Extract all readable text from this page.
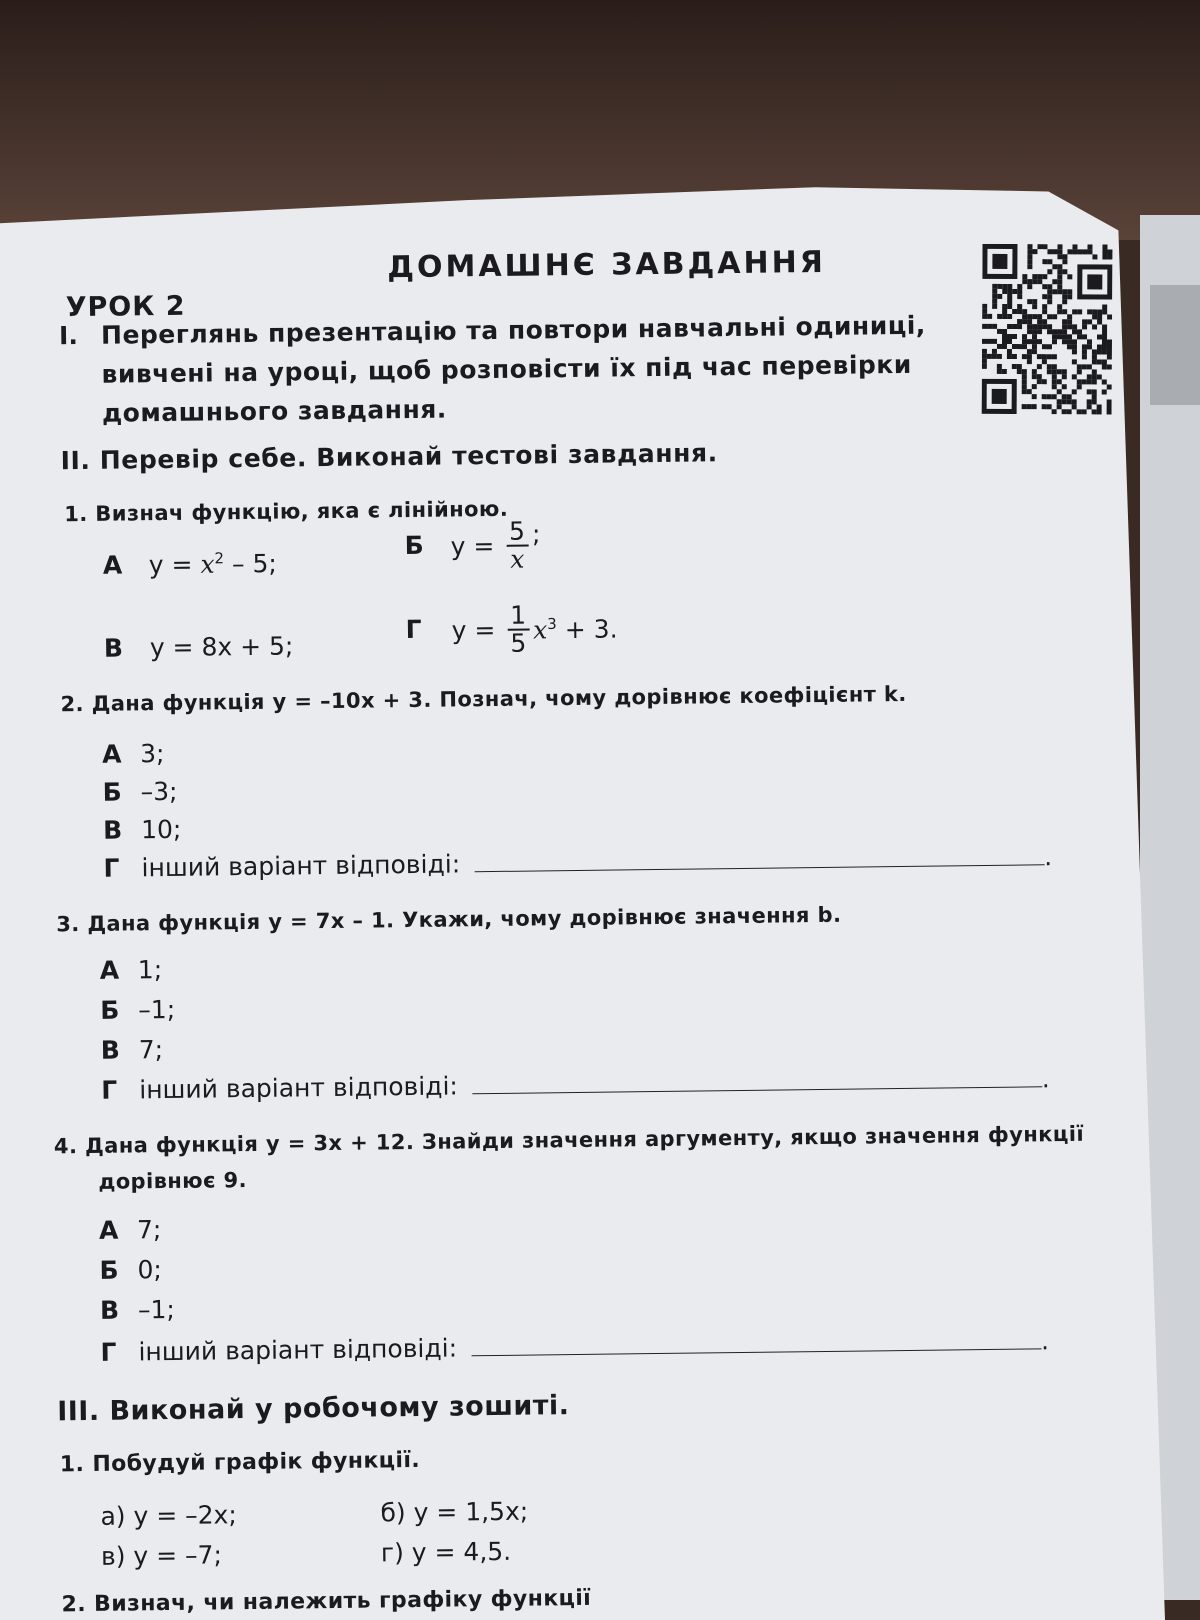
УРОК 2
ДОМАШНЄ ЗАВДАННЯ
I. Переглянь презентацію та повтори навчальні одиниці, вивчені на уроці, щоб розповісти їх під час перевірки домашнього завдання.
II. Перевір себе. Виконай тестові завдання.
1. Визнач функцію, яка є лінійною.
А $y = x^2 - 5$;
Б $y = \frac{5}{x}$ ;
В y = 8x + 5;
Г $y = \frac{1}{5} x^3 + 3$.
2. Дана функція y = –10x + 3. Познач, чому дорівнює коефіцієнт k.
А 3;
Б –3;
В 10;
Г інший варіант відповіді:	.
3. Дана функція y = 7x – 1. Укажи, чому дорівнює значення b.
А 1;
Б –1;
В 7;
Г інший варіант відповіді:	.
4. Дана функція y = 3x + 12. Знайди значення аргументу, якщо значення функції
дорівнює 9.
А 7;
Б 0;
В –1;
Г інший варіант відповіді:	.
III. Виконай у робочому зошиті.
1. Побудуй графік функції.
а) y = –2x;	б) y = 1,5x;
в) y = –7;	г) y = 4,5.
2. Визнач, чи належить графіку функції
